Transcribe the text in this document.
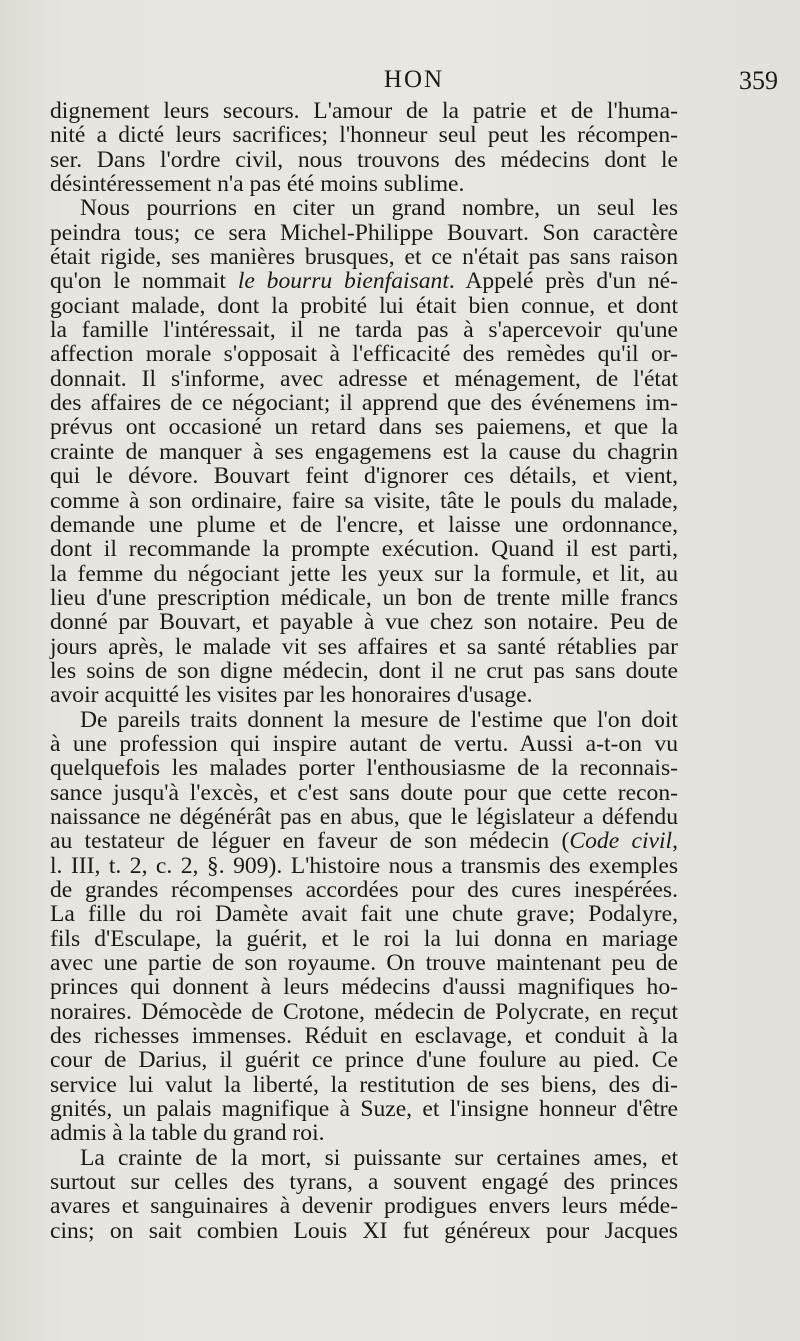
HON	359
dignement leurs secours. L'amour de la patrie et de l'huma-
nité a dicté leurs sacrifices; l'honneur seul peut les récompen-
ser. Dans l'ordre civil, nous trouvons des médecins dont le
désintéressement n'a pas été moins sublime.
Nous pourrions en citer un grand nombre, un seul les
peindra tous; ce sera Michel-Philippe Bouvart. Son caractère
était rigide, ses manières brusques, et ce n'était pas sans raison
qu'on le nommait le bourru bienfaisant. Appelé près d'un né-
gociant malade, dont la probité lui était bien connue, et dont
la famille l'intéressait, il ne tarda pas à s'apercevoir qu'une
affection morale s'opposait à l'efficacité des remèdes qu'il or-
donnait. Il s'informe, avec adresse et ménagement, de l'état
des affaires de ce négociant; il apprend que des événemens im-
prévus ont occasioné un retard dans ses paiemens, et que la
crainte de manquer à ses engagemens est la cause du chagrin
qui le dévore. Bouvart feint d'ignorer ces détails, et vient,
comme à son ordinaire, faire sa visite, tâte le pouls du malade,
demande une plume et de l'encre, et laisse une ordonnance,
dont il recommande la prompte exécution. Quand il est parti,
la femme du négociant jette les yeux sur la formule, et lit, au
lieu d'une prescription médicale, un bon de trente mille francs
donné par Bouvart, et payable à vue chez son notaire. Peu de
jours après, le malade vit ses affaires et sa santé rétablies par
les soins de son digne médecin, dont il ne crut pas sans doute
avoir acquitté les visites par les honoraires d'usage.
De pareils traits donnent la mesure de l'estime que l'on doit
à une profession qui inspire autant de vertu. Aussi a-t-on vu
quelquefois les malades porter l'enthousiasme de la reconnais-
sance jusqu'à l'excès, et c'est sans doute pour que cette recon-
naissance ne dégénérât pas en abus, que le législateur a défendu
au testateur de léguer en faveur de son médecin (Code civil,
l. III, t. 2, c. 2, §. 909). L'histoire nous a transmis des exemples
de grandes récompenses accordées pour des cures inespérées.
La fille du roi Damète avait fait une chute grave; Podalyre,
fils d'Esculape, la guérit, et le roi la lui donna en mariage
avec une partie de son royaume. On trouve maintenant peu de
princes qui donnent à leurs médecins d'aussi magnifiques ho-
noraires. Démocède de Crotone, médecin de Polycrate, en reçut
des richesses immenses. Réduit en esclavage, et conduit à la
cour de Darius, il guérit ce prince d'une foulure au pied. Ce
service lui valut la liberté, la restitution de ses biens, des di-
gnités, un palais magnifique à Suze, et l'insigne honneur d'être
admis à la table du grand roi.
La crainte de la mort, si puissante sur certaines ames, et
surtout sur celles des tyrans, a souvent engagé des princes
avares et sanguinaires à devenir prodigues envers leurs méde-
cins; on sait combien Louis XI fut généreux pour Jacques
